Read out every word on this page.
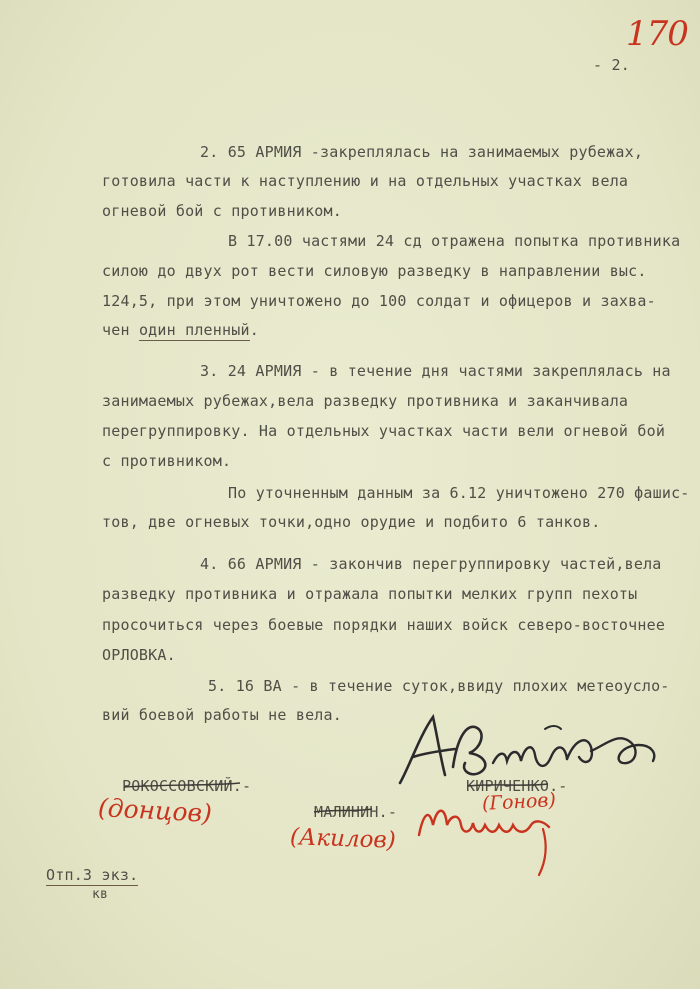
170
- 2.
2. 65 АРМИЯ -закреплялась на занимаемых рубежах,
готовила части к наступлению и на отдельных участках вела
огневой бой с противником.
В 17.00 частями 24 сд отражена попытка противника
силою до двух рот вести силовую разведку в направлении выс.
124,5, при этом уничтожено до 100 солдат и офицеров и захва-
чен один пленный.
3. 24 АРМИЯ - в течение дня частями закреплялась на
занимаемых рубежах,вела разведку противника и заканчивала
перегруппировку. На отдельных участках части вели огневой бой
с противником.
По уточненным данным за 6.12 уничтожено 270 фашис-
тов, две огневых точки,одно орудие и подбито 6 танков.
4. 66 АРМИЯ - закончив перегруппировку частей,вела
разведку противника и отражала попытки мелких групп пехоты
просочиться через боевые порядки наших войск северо-восточнее
ОРЛОВКА.
5. 16 ВА - в течение суток,ввиду плохих метеоусло-
вий боевой работы не вела.
РОКОССОВСКИЙ.-	КИРИЧЕНКО.-
МАЛИНИН.-
(донцов)
(Акилов)
(Гонов)
Отп.3 экз.
кв
